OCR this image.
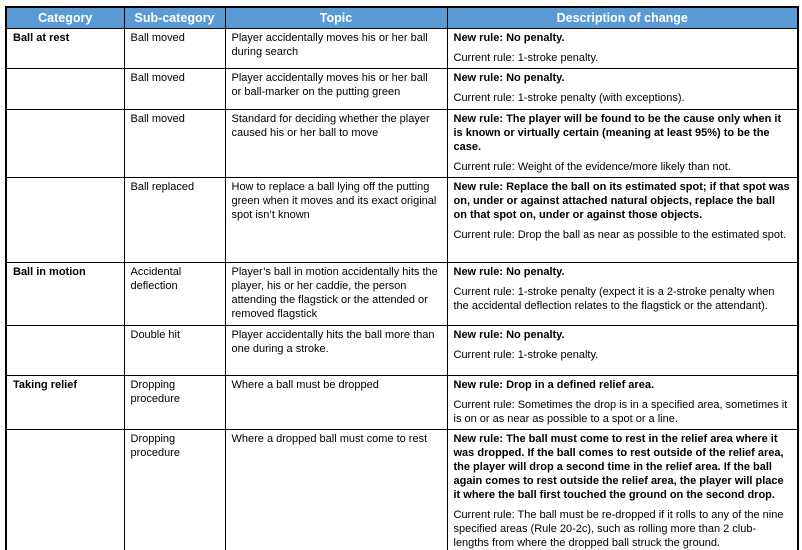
Category	Sub-category	Topic	Description of change
Ball at rest	Ball moved	Player accidentally moves his or her ball during search	New rule: No penalty.

Current rule: 1-stroke penalty.

	Ball moved	Player accidentally moves his or her ball or ball-marker on the putting green	New rule: No penalty.

Current rule: 1-stroke penalty (with exceptions).

	Ball moved	Standard for deciding whether the player caused his or her ball to move	New rule: The player will be found to be the cause only when it is known or virtually certain (meaning at least 95%) to be the case.

Current rule: Weight of the evidence/more likely than not.

	Ball replaced	How to replace a ball lying off the putting green when it moves and its exact original spot isn’t known	New rule: Replace the ball on its estimated spot; if that spot was on, under or against attached natural objects, replace the ball on that spot on, under or against those objects.

Current rule: Drop the ball as near as possible to the estimated spot.

Ball in motion	Accidental deflection	Player’s ball in motion accidentally hits the player, his or her caddie, the person attending the flagstick or the attended or removed flagstick	New rule: No penalty.

Current rule: 1-stroke penalty (expect it is a 2-stroke penalty when the accidental deflection relates to the flagstick or the attendant).

	Double hit	Player accidentally hits the ball more than one during a stroke.	New rule: No penalty.

Current rule: 1-stroke penalty.

Taking relief	Dropping procedure	Where a ball must be dropped	New rule: Drop in a defined relief area.

Current rule: Sometimes the drop is in a specified area, sometimes it is on or as near as possible to a spot or a line.

	Dropping procedure	Where a dropped ball must come to rest	New rule: The ball must come to rest in the relief area where it was dropped. If the ball comes to rest outside of the relief area, the player will drop a second time in the relief area. If the ball again comes to rest outside the relief area, the player will place it where the ball first touched the ground on the second drop.

Current rule: The ball must be re-dropped if it rolls to any of the nine specified areas (Rule 20-2c), such as rolling more than 2 club-lengths from where the dropped ball struck the ground.
